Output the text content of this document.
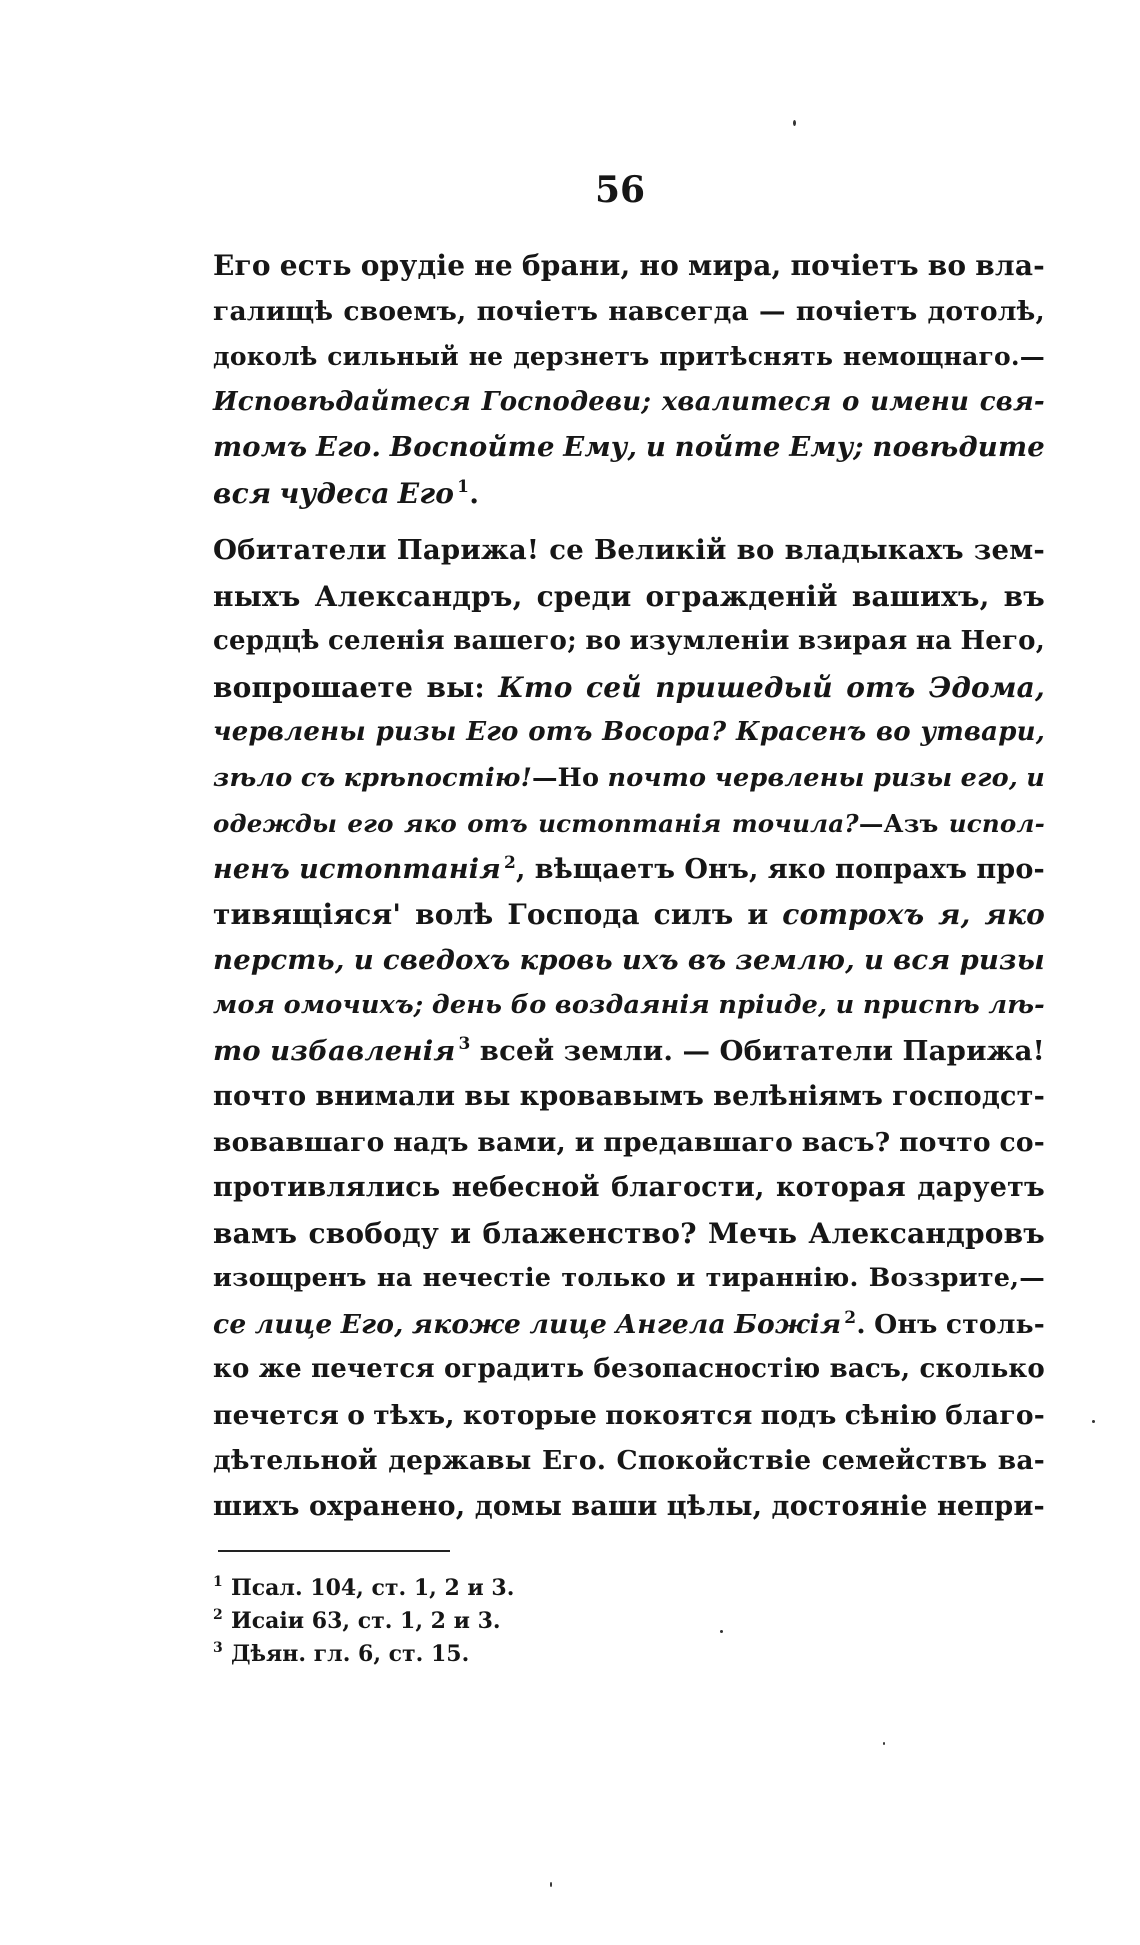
56
Его есть орудіе не брани, но мира, почіетъ во вла-
галищѣ своемъ, почіетъ навсегда — почіетъ дотолѣ,
доколѣ сильный не дерзнетъ притѣснять немощнаго.—
Исповѣдайтеся Господеви; хвалитеся о имени свя-
томъ Его. Воспойте Ему, и пойте Ему; повѣдите
вся чудеса Его $^1$.
Обитатели Парижа! се Великій во владыкахъ зем-
ныхъ Александръ, среди огражденій вашихъ, въ
сердцѣ селенія вашего; во изумленіи взирая на Него,
вопрошаете вы: Кто сей пришедый отъ Эдома,
червлены ризы Его отъ Восора? Красенъ во утвари,
зѣло съ крѣпостію!—Но почто червлены ризы его, и
одежды его яко отъ истоптанія точила?—Азъ испол-
ненъ истоптанія $^2$, вѣщаетъ Онъ, яко попрахъ про-
тивящіяся' волѣ Господа силъ и сотрохъ я, яко
персть, и сведохъ кровь ихъ въ землю, и вся ризы
моя омочихъ; день бо воздаянія пріиде, и приспѣ лѣ-
то избавленія $^3$ всей земли. — Обитатели Парижа!
почто внимали вы кровавымъ велѣніямъ господст-
вовавшаго надъ вами, и предавшаго васъ? почто со-
противлялись небесной благости, которая даруетъ
вамъ свободу и блаженство? Мечь Александровъ
изощренъ на нечестіе только и тираннію. Воззрите,—
се лице Его, якоже лице Ангела Божія $^2$. Онъ столь-
ко же печется оградить безопасностію васъ, сколько
печется о тѣхъ, которые покоятся подъ сѣнію благо-
дѣтельной державы Его. Спокойствіе семействъ ва-
шихъ охранено, домы ваши цѣлы, достояніе непри-
1 Псал. 104, ст. 1, 2 и 3.
2 Исаіи 63, ст. 1, 2 и 3.
3 Дѣян. гл. 6, ст. 15.
